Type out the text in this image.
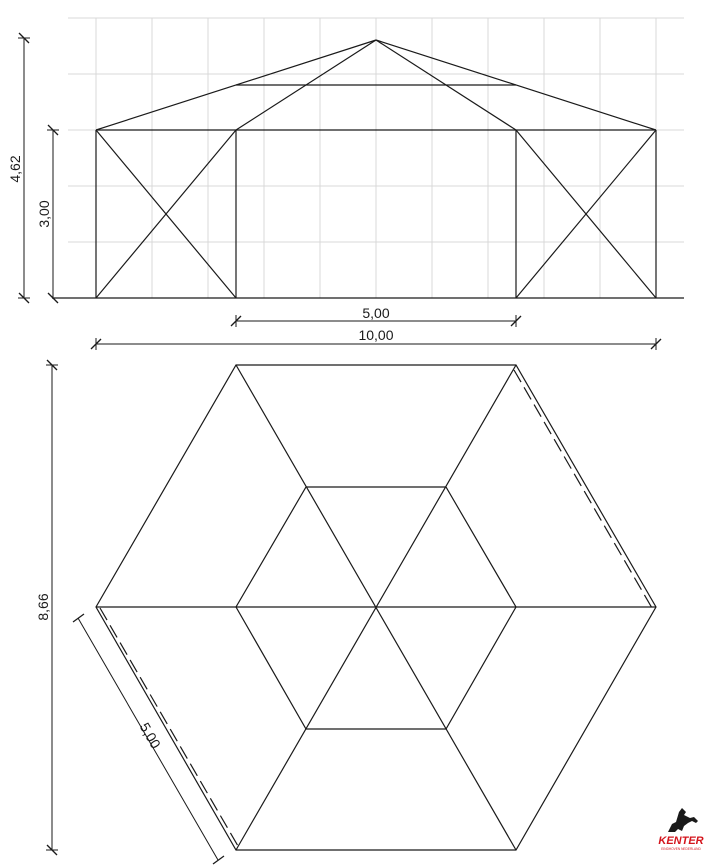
4,62
3,00
5,00
10,00
8,66
5,00
KENTER
EINDHOVEN NEDERLAND
